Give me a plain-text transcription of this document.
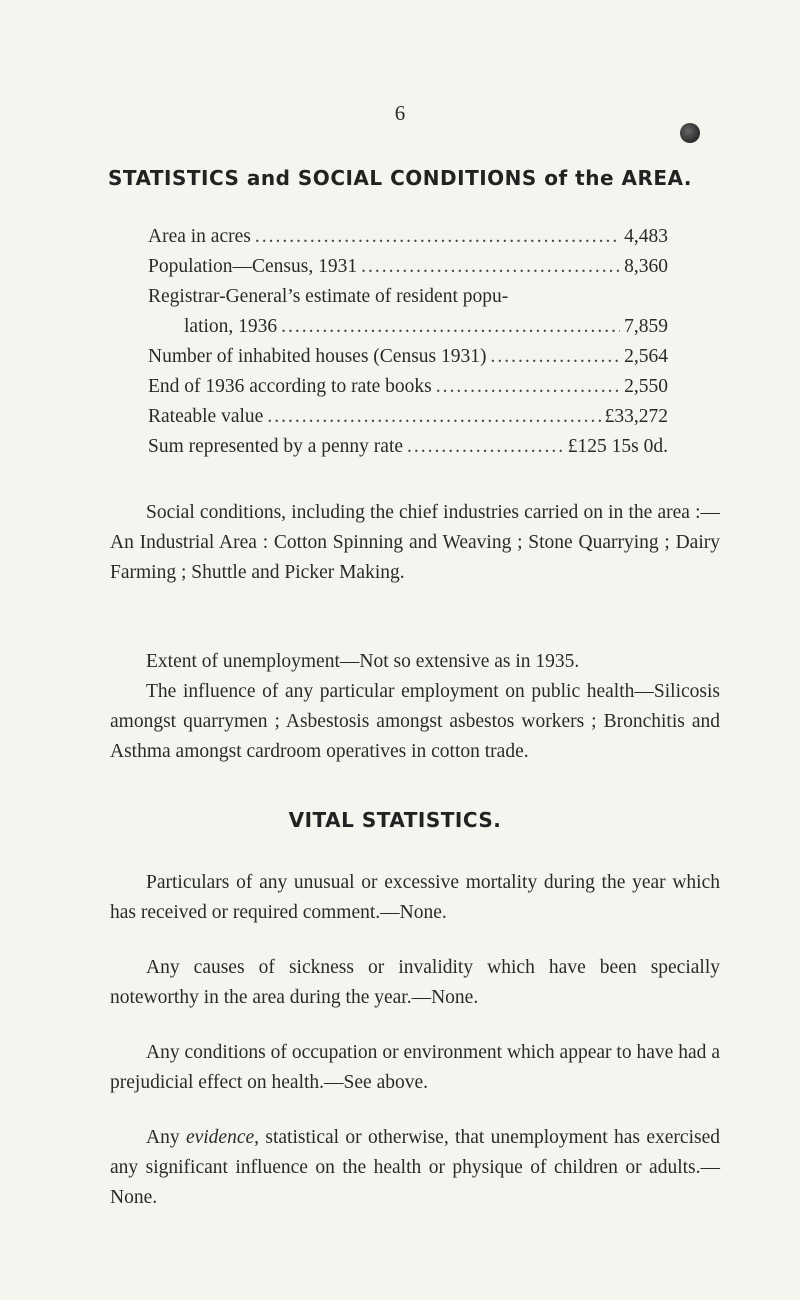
6
STATISTICS and SOCIAL CONDITIONS of the AREA.
Area in acres .....	4,483
Population—Census, 1931 .....	8,360
Registrar-General’s estimate of resident popu-
lation, 1936 .....	7,859
Number of inhabited houses (Census 1931) .....	2,564
End of 1936 according to rate books .....	2,550
Rateable value .....	£33,272
Sum represented by a penny rate .....	£125 15s 0d.
Social conditions, including the chief industries carried on in the area :—An Industrial Area : Cotton Spinning and Weaving ; Stone Quarrying ; Dairy Farming ; Shuttle and Picker Making.
Extent of unemployment—Not so extensive as in 1935.
The influence of any particular employment on public health—Silicosis amongst quarrymen ; Asbestosis amongst asbestos workers ; Bronchitis and Asthma amongst cardroom operatives in cotton trade.
VITAL STATISTICS.
Particulars of any unusual or excessive mortality during the year which has received or required comment.—None.
Any causes of sickness or invalidity which have been specially noteworthy in the area during the year.—None.
Any conditions of occupation or environment which appear to have had a prejudicial effect on health.—See above.
Any evidence, statistical or otherwise, that unemployment has exercised any significant influence on the health or physique of children or adults.—None.
